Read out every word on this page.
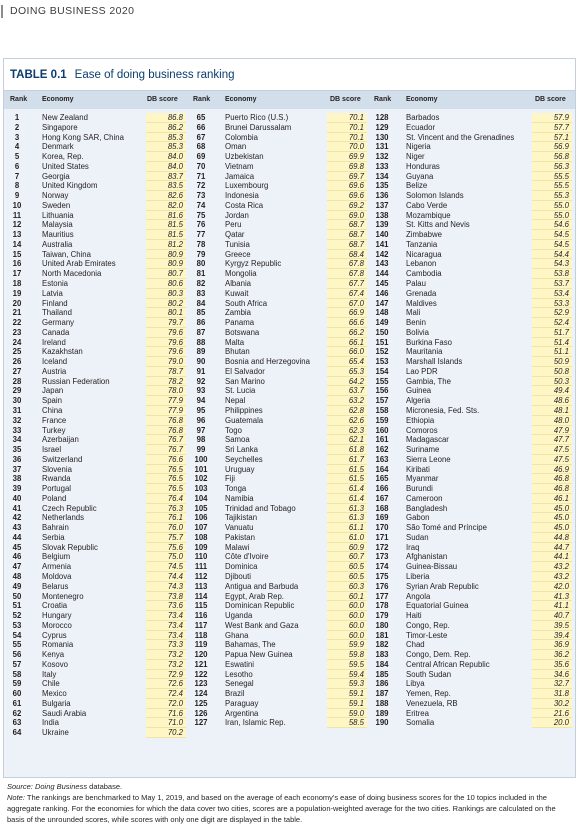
DOING BUSINESS 2020
TABLE 0.1 Ease of doing business ranking
Rank Economy	DB score
1	New Zealand	86.8
2	Singapore	86.2
3	Hong Kong SAR, China	85.3
4	Denmark	85.3
5	Korea, Rep.	84.0
6	United States	84.0
7	Georgia	83.7
8	United Kingdom	83.5
9	Norway	82.6
10	Sweden	82.0
11	Lithuania	81.6
12	Malaysia	81.5
13	Mauritius	81.5
14	Australia	81.2
15	Taiwan, China	80.9
16	United Arab Emirates	80.9
17	North Macedonia	80.7
18	Estonia	80.6
19	Latvia	80.3
20	Finland	80.2
21	Thailand	80.1
22	Germany	79.7
23	Canada	79.6
24	Ireland	79.6
25	Kazakhstan	79.6
26	Iceland	79.0
27	Austria	78.7
28	Russian Federation	78.2
29	Japan	78.0
30	Spain	77.9
31	China	77.9
32	France	76.8
33	Turkey	76.8
34	Azerbaijan	76.7
35	Israel	76.7
36	Switzerland	76.6
37	Slovenia	76.5
38	Rwanda	76.5
39	Portugal	76.5
40	Poland	76.4
41	Czech Republic	76.3
42	Netherlands	76.1
43	Bahrain	76.0
44	Serbia	75.7
45	Slovak Republic	75.6
46	Belgium	75.0
47	Armenia	74.5
48	Moldova	74.4
49	Belarus	74.3
50	Montenegro	73.8
51	Croatia	73.6
52	Hungary	73.4
53	Morocco	73.4
54	Cyprus	73.4
55	Romania	73.3
56	Kenya	73.2
57	Kosovo	73.2
58	Italy	72.9
59	Chile	72.6
60	Mexico	72.4
61	Bulgaria	72.0
62	Saudi Arabia	71.6
63	India	71.0
64	Ukraine	70.2
Rank Economy	DB score
65	Puerto Rico (U.S.)	70.1
66	Brunei Darussalam	70.1
67	Colombia	70.1
68	Oman	70.0
69	Uzbekistan	69.9
70	Vietnam	69.8
71	Jamaica	69.7
72	Luxembourg	69.6
73	Indonesia	69.6
74	Costa Rica	69.2
75	Jordan	69.0
76	Peru	68.7
77	Qatar	68.7
78	Tunisia	68.7
79	Greece	68.4
80	Kyrgyz Republic	67.8
81	Mongolia	67.8
82	Albania	67.7
83	Kuwait	67.4
84	South Africa	67.0
85	Zambia	66.9
86	Panama	66.6
87	Botswana	66.2
88	Malta	66.1
89	Bhutan	66.0
90	Bosnia and Herzegovina	65.4
91	El Salvador	65.3
92	San Marino	64.2
93	St. Lucia	63.7
94	Nepal	63.2
95	Philippines	62.8
96	Guatemala	62.6
97	Togo	62.3
98	Samoa	62.1
99	Sri Lanka	61.8
100	Seychelles	61.7
101	Uruguay	61.5
102	Fiji	61.5
103	Tonga	61.4
104	Namibia	61.4
105	Trinidad and Tobago	61.3
106	Tajikistan	61.3
107	Vanuatu	61.1
108	Pakistan	61.0
109	Malawi	60.9
110	Côte d'Ivoire	60.7
111	Dominica	60.5
112	Djibouti	60.5
113	Antigua and Barbuda	60.3
114	Egypt, Arab Rep.	60.1
115	Dominican Republic	60.0
116	Uganda	60.0
117	West Bank and Gaza	60.0
118	Ghana	60.0
119	Bahamas, The	59.9
120	Papua New Guinea	59.8
121	Eswatini	59.5
122	Lesotho	59.4
123	Senegal	59.3
124	Brazil	59.1
125	Paraguay	59.1
126	Argentina	59.0
127	Iran, Islamic Rep.	58.5
Rank Economy	DB score
128	Barbados	57.9
129	Ecuador	57.7
130	St. Vincent and the Grenadines	57.1
131	Nigeria	56.9
132	Niger	56.8
133	Honduras	56.3
134	Guyana	55.5
135	Belize	55.5
136	Solomon Islands	55.3
137	Cabo Verde	55.0
138	Mozambique	55.0
139	St. Kitts and Nevis	54.6
140	Zimbabwe	54.5
141	Tanzania	54.5
142	Nicaragua	54.4
143	Lebanon	54.3
144	Cambodia	53.8
145	Palau	53.7
146	Grenada	53.4
147	Maldives	53.3
148	Mali	52.9
149	Benin	52.4
150	Bolivia	51.7
151	Burkina Faso	51.4
152	Mauritania	51.1
153	Marshall Islands	50.9
154	Lao PDR	50.8
155	Gambia, The	50.3
156	Guinea	49.4
157	Algeria	48.6
158	Micronesia, Fed. Sts.	48.1
159	Ethiopia	48.0
160	Comoros	47.9
161	Madagascar	47.7
162	Suriname	47.5
163	Sierra Leone	47.5
164	Kiribati	46.9
165	Myanmar	46.8
166	Burundi	46.8
167	Cameroon	46.1
168	Bangladesh	45.0
169	Gabon	45.0
170	São Tomé and Príncipe	45.0
171	Sudan	44.8
172	Iraq	44.7
173	Afghanistan	44.1
174	Guinea-Bissau	43.2
175	Liberia	43.2
176	Syrian Arab Republic	42.0
177	Angola	41.3
178	Equatorial Guinea	41.1
179	Haiti	40.7
180	Congo, Rep.	39.5
181	Timor-Leste	39.4
182	Chad	36.9
183	Congo, Dem. Rep.	36.2
184	Central African Republic	35.6
185	South Sudan	34.6
186	Libya	32.7
187	Yemen, Rep.	31.8
188	Venezuela, RB	30.2
189	Eritrea	21.6
190	Somalia	20.0
Source: Doing Business database.
Note: The rankings are benchmarked to May 1, 2019, and based on the average of each economy's ease of doing business scores for the 10 topics included in the aggregate ranking. For the economies for which the data cover two cities, scores are a population-weighted average for the two cities. Rankings are calculated on the basis of the unrounded scores, while scores with only one digit are displayed in the table.
